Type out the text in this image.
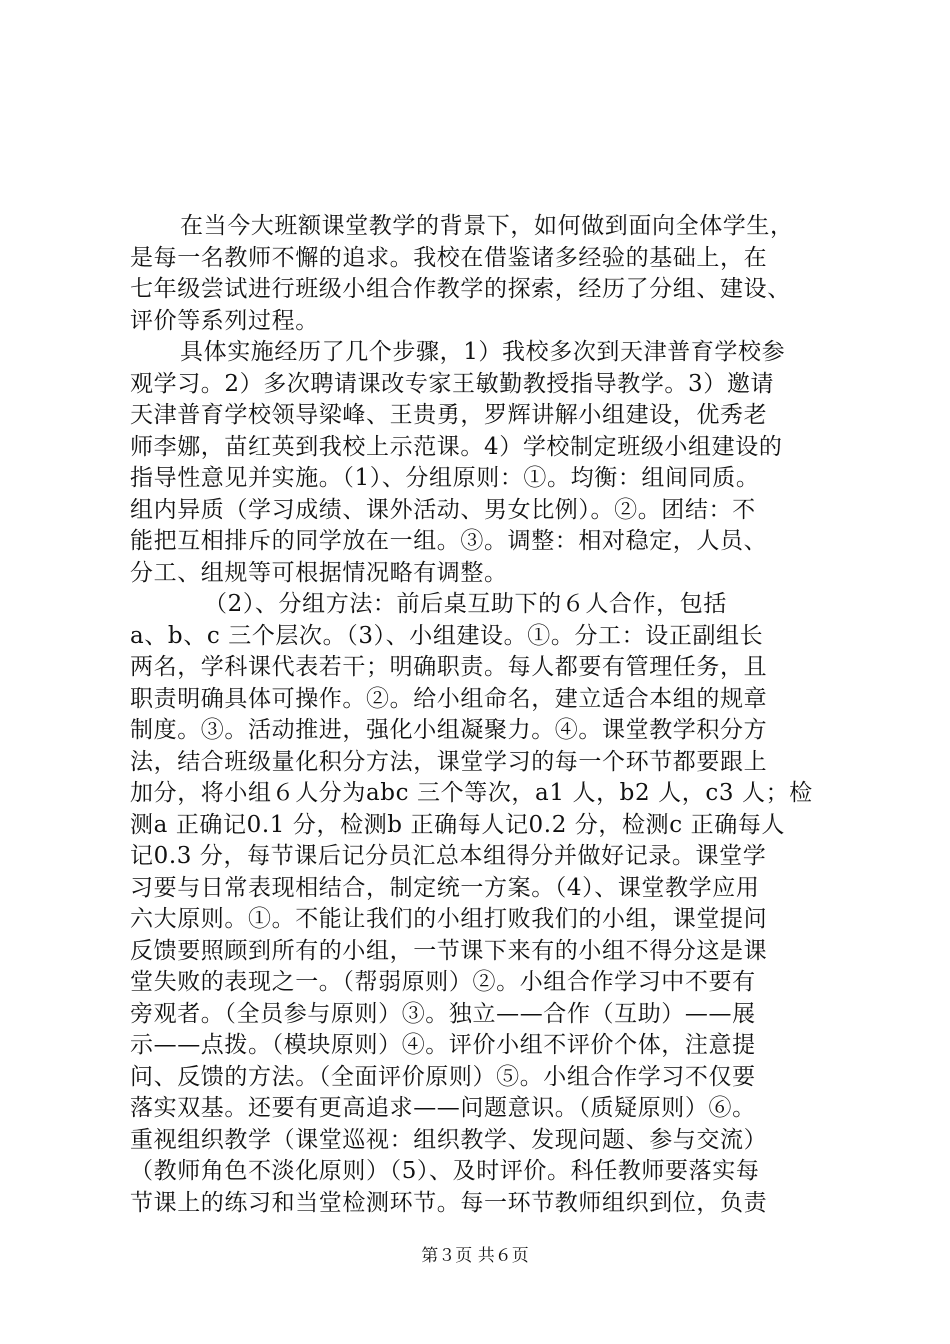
在当今大班额课堂教学的背景下，如何做到面向全体学生，
是每一名教师不懈的追求。我校在借鉴诸多经验的基础上，在
七年级尝试进行班级小组合作教学的探索，经历了分组、建设、
评价等系列过程。
具体实施经历了几个步骤，1）我校多次到天津普育学校参
观学习。2）多次聘请课改专家王敏勤教授指导教学。3）邀请
天津普育学校领导梁峰、王贵勇，罗辉讲解小组建设，优秀老
师李娜，苗红英到我校上示范课。4）学校制定班级小组建设的
指导性意见并实施。（1）、分组原则：①。均衡：组间同质。
组内异质（学习成绩、课外活动、男女比例）。②。团结：不
能把互相排斥的同学放在一组。③。调整：相对稳定，人员、
分工、组规等可根据情况略有调整。
（2）、分组方法：前后桌互助下的６人合作，包括
a、b、c 三个层次。（3）、小组建设。①。分工：设正副组长
两名，学科课代表若干；明确职责。每人都要有管理任务，且
职责明确具体可操作。②。给小组命名，建立适合本组的规章
制度。③。活动推进，强化小组凝聚力。④。课堂教学积分方
法，结合班级量化积分方法，课堂学习的每一个环节都要跟上
加分，将小组６人分为abc 三个等次，a1 人，b2 人，c3 人；检
测a 正确记0.1 分，检测b 正确每人记0.2 分，检测c 正确每人
记0.3 分，每节课后记分员汇总本组得分并做好记录。课堂学
习要与日常表现相结合，制定统一方案。（4）、课堂教学应用
六大原则。①。不能让我们的小组打败我们的小组，课堂提问
反馈要照顾到所有的小组，一节课下来有的小组不得分这是课
堂失败的表现之一。（帮弱原则）②。小组合作学习中不要有
旁观者。（全员参与原则）③。独立——合作（互助）——展
示——点拨。（模块原则）④。评价小组不评价个体，注意提
问、反馈的方法。（全面评价原则）⑤。小组合作学习不仅要
落实双基。还要有更高追求——问题意识。（质疑原则）⑥。
重视组织教学（课堂巡视：组织教学、发现问题、参与交流）
（教师角色不淡化原则）（5）、及时评价。科任教师要落实每
节课上的练习和当堂检测环节。每一环节教师组织到位，负责
第３页 共６页
